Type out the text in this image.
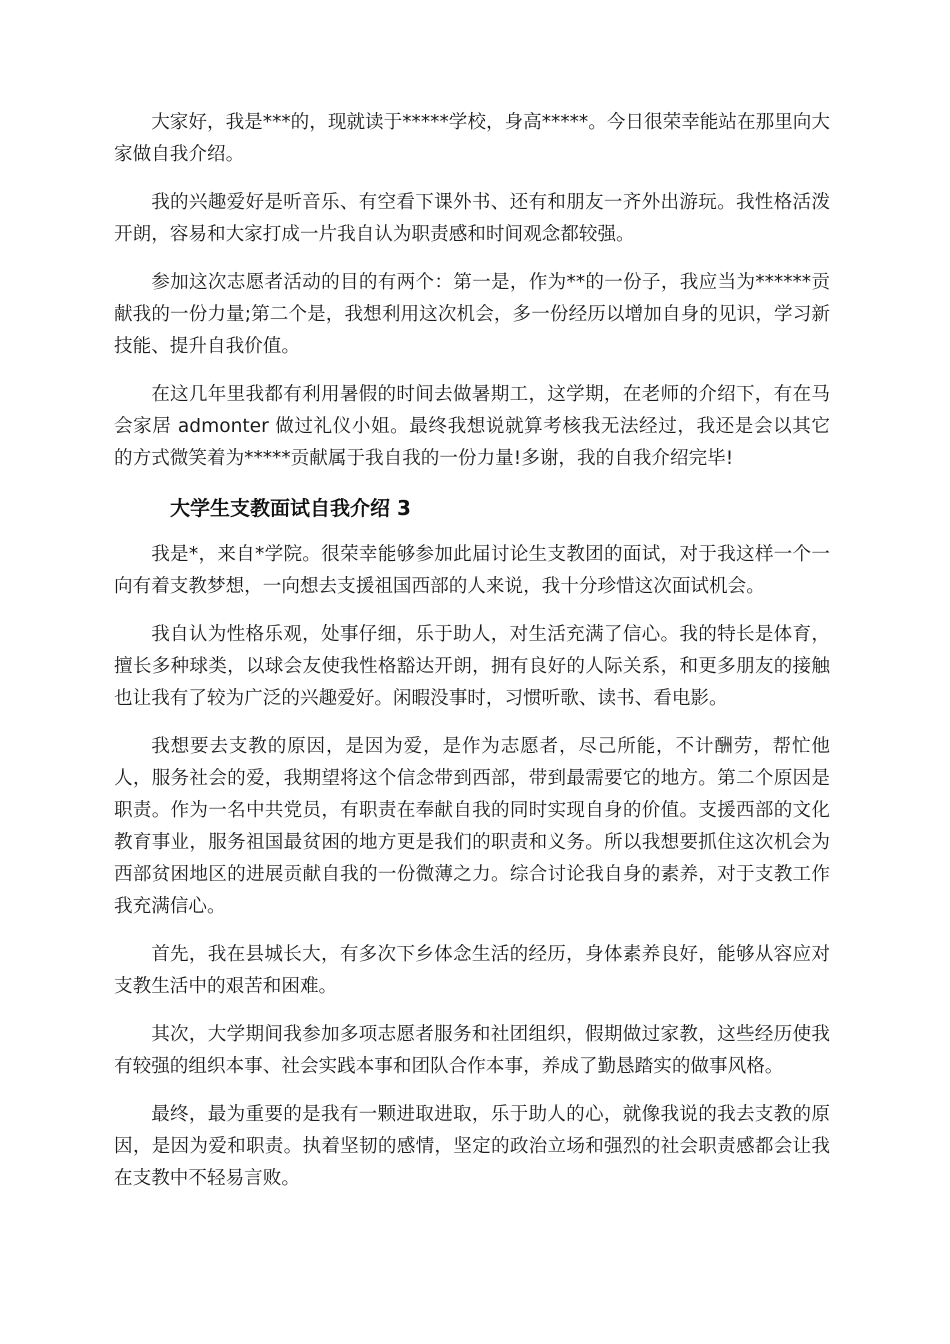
大家好，我是***的，现就读于*****学校，身高*****。今日很荣幸能站在那里向大家做自我介绍。

我的兴趣爱好是听音乐、有空看下课外书、还有和朋友一齐外出游玩。我性格活泼开朗，容易和大家打成一片我自认为职责感和时间观念都较强。

参加这次志愿者活动的目的有两个：第一是，作为**的一份子，我应当为******贡献我的一份力量;第二个是，我想利用这次机会，多一份经历以增加自身的见识，学习新技能、提升自我价值。

在这几年里我都有利用暑假的时间去做暑期工，这学期，在老师的介绍下，有在马会家居 admonter 做过礼仪小姐。最终我想说就算考核我无法经过，我还是会以其它的方式微笑着为*****贡献属于我自我的一份力量!多谢，我的自我介绍完毕!

大学生支教面试自我介绍 3

我是*，来自*学院。很荣幸能够参加此届讨论生支教团的面试，对于我这样一个一向有着支教梦想，一向想去支援祖国西部的人来说，我十分珍惜这次面试机会。

我自认为性格乐观，处事仔细，乐于助人，对生活充满了信心。我的特长是体育，擅长多种球类，以球会友使我性格豁达开朗，拥有良好的人际关系，和更多朋友的接触也让我有了较为广泛的兴趣爱好。闲暇没事时，习惯听歌、读书、看电影。

我想要去支教的原因，是因为爱，是作为志愿者，尽己所能，不计酬劳，帮忙他人，服务社会的爱，我期望将这个信念带到西部，带到最需要它的地方。第二个原因是职责。作为一名中共党员，有职责在奉献自我的同时实现自身的价值。支援西部的文化教育事业，服务祖国最贫困的地方更是我们的职责和义务。所以我想要抓住这次机会为西部贫困地区的进展贡献自我的一份微薄之力。综合讨论我自身的素养，对于支教工作我充满信心。

首先，我在县城长大，有多次下乡体念生活的经历，身体素养良好，能够从容应对支教生活中的艰苦和困难。

其次，大学期间我参加多项志愿者服务和社团组织，假期做过家教，这些经历使我有较强的组织本事、社会实践本事和团队合作本事，养成了勤恳踏实的做事风格。

最终，最为重要的是我有一颗进取进取，乐于助人的心，就像我说的我去支教的原因，是因为爱和职责。执着坚韧的感情，坚定的政治立场和强烈的社会职责感都会让我在支教中不轻易言败。
